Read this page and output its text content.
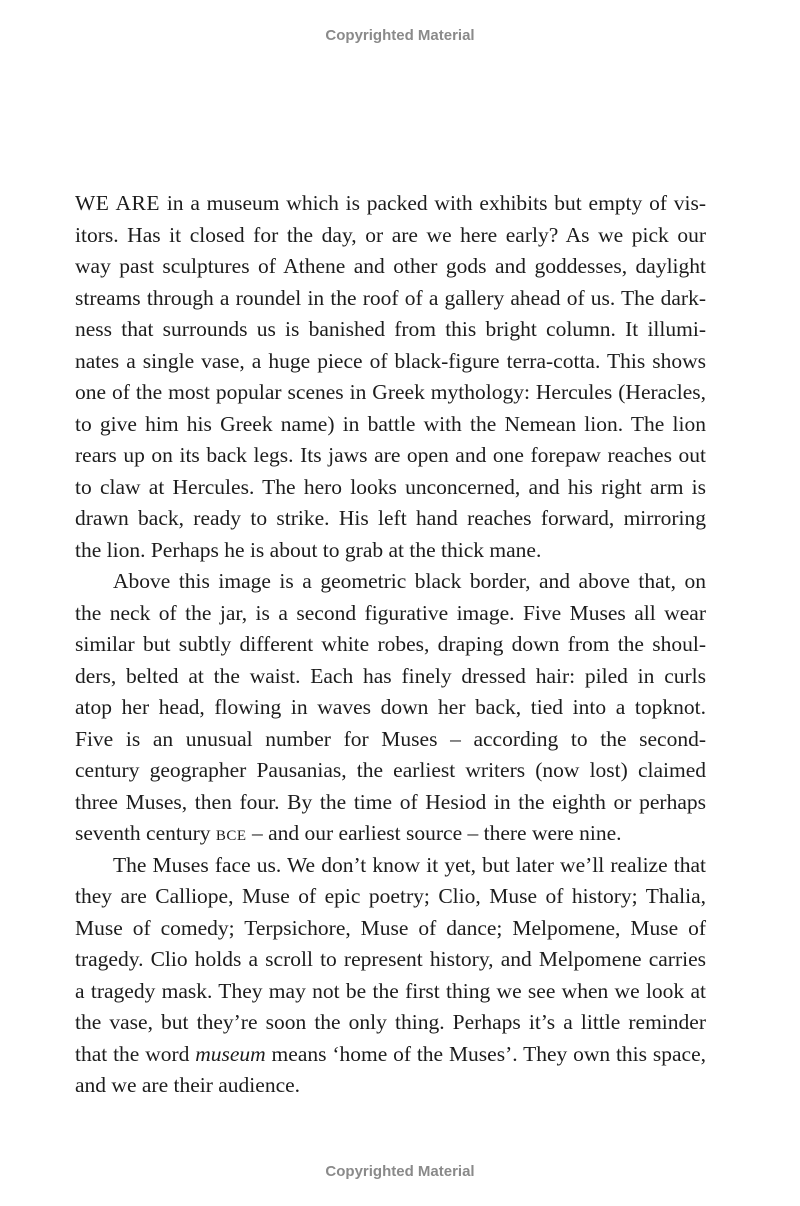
Copyrighted Material
WE ARE in a museum which is packed with exhibits but empty of vis-
itors. Has it closed for the day, or are we here early? As we pick our
way past sculptures of Athene and other gods and goddesses, daylight
streams through a roundel in the roof of a gallery ahead of us. The dark-
ness that surrounds us is banished from this bright column. It illumi-
nates a single vase, a huge piece of black-figure terra-cotta. This shows
one of the most popular scenes in Greek mythology: Hercules (Heracles,
to give him his Greek name) in battle with the Nemean lion. The lion
rears up on its back legs. Its jaws are open and one forepaw reaches out
to claw at Hercules. The hero looks unconcerned, and his right arm is
drawn back, ready to strike. His left hand reaches forward, mirroring
the lion. Perhaps he is about to grab at the thick mane.
Above this image is a geometric black border, and above that, on
the neck of the jar, is a second figurative image. Five Muses all wear
similar but subtly different white robes, draping down from the shoul-
ders, belted at the waist. Each has finely dressed hair: piled in curls
atop her head, flowing in waves down her back, tied into a topknot.
Five is an unusual number for Muses – according to the second-
century geographer Pausanias, the earliest writers (now lost) claimed
three Muses, then four. By the time of Hesiod in the eighth or perhaps
seventh century bce – and our earliest source – there were nine.
The Muses face us. We don’t know it yet, but later we’ll realize that
they are Calliope, Muse of epic poetry; Clio, Muse of history; Thalia,
Muse of comedy; Terpsichore, Muse of dance; Melpomene, Muse of
tragedy. Clio holds a scroll to represent history, and Melpomene carries
a tragedy mask. They may not be the first thing we see when we look at
the vase, but they’re soon the only thing. Perhaps it’s a little reminder
that the word museum means ‘home of the Muses’. They own this space,
and we are their audience.
Copyrighted Material
